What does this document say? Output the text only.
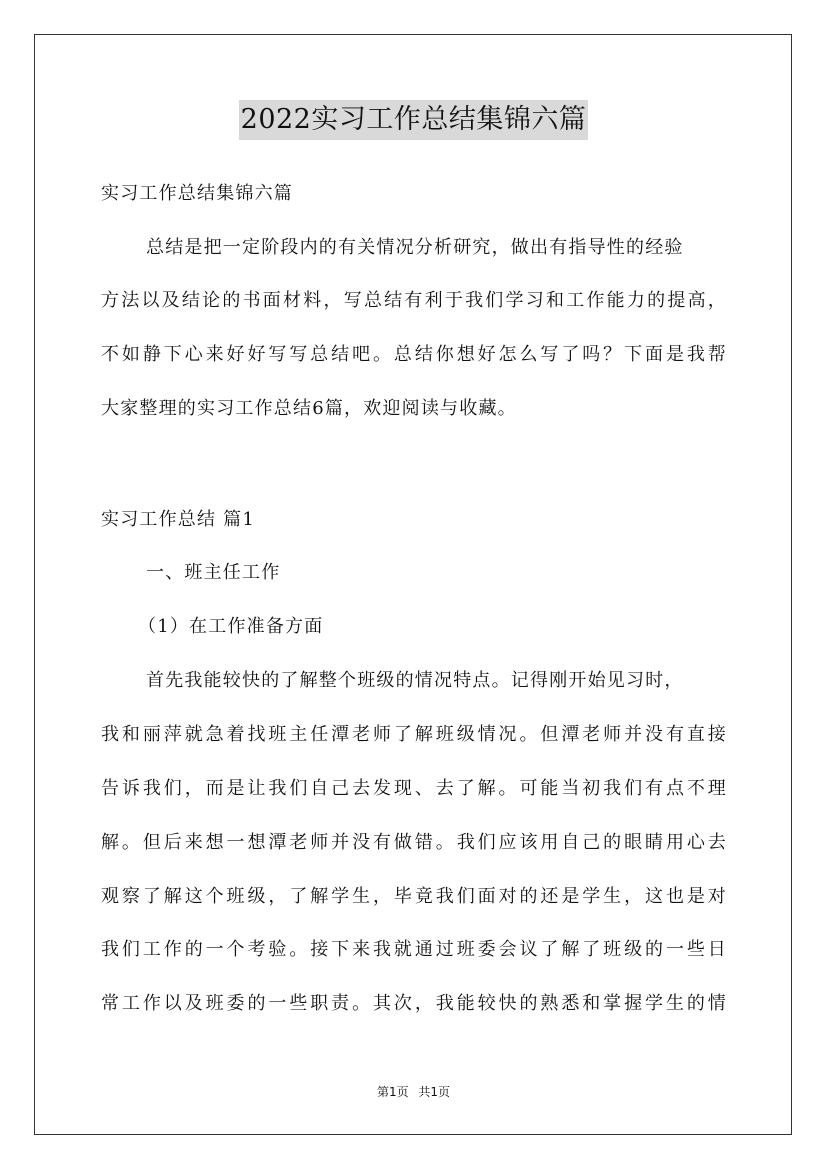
2022实习工作总结集锦六篇
实习工作总结集锦六篇
总结是把一定阶段内的有关情况分析研究，做出有指导性的经验
方法以及结论的书面材料，写总结有利于我们学习和工作能力的提高，
不如静下心来好好写写总结吧。总结你想好怎么写了吗？下面是我帮
大家整理的实习工作总结6篇，欢迎阅读与收藏。
实习工作总结 篇1
一、班主任工作
（1）在工作准备方面
首先我能较快的了解整个班级的情况特点。记得刚开始见习时，
我和丽萍就急着找班主任潭老师了解班级情况。但潭老师并没有直接
告诉我们，而是让我们自己去发现、去了解。可能当初我们有点不理
解。但后来想一想潭老师并没有做错。我们应该用自己的眼睛用心去
观察了解这个班级，了解学生，毕竟我们面对的还是学生，这也是对
我们工作的一个考验。接下来我就通过班委会议了解了班级的一些日
常工作以及班委的一些职责。其次，我能较快的熟悉和掌握学生的情
第1页 共1页
